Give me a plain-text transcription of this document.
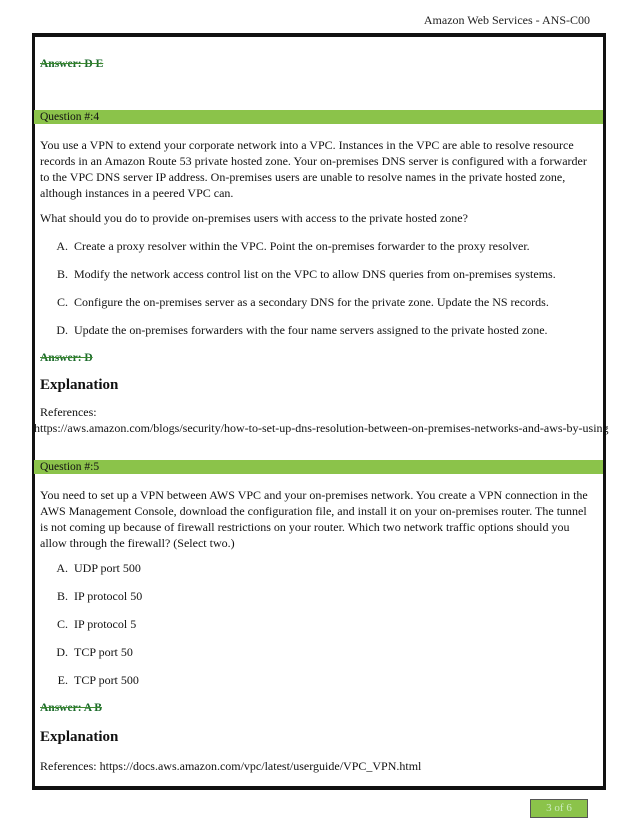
Amazon Web Services - ANS-C00
Answer: D E
Question #:4
You use a VPN to extend your corporate network into a VPC. Instances in the VPC are able to resolve resource records in an Amazon Route 53 private hosted zone. Your on-premises DNS server is configured with a forwarder to the VPC DNS server IP address. On-premises users are unable to resolve names in the private hosted zone, although instances in a peered VPC can.
What should you do to provide on-premises users with access to the private hosted zone?
A. Create a proxy resolver within the VPC. Point the on-premises forwarder to the proxy resolver.
B. Modify the network access control list on the VPC to allow DNS queries from on-premises systems.
C. Configure the on-premises server as a secondary DNS for the private zone. Update the NS records.
D. Update the on-premises forwarders with the four name servers assigned to the private hosted zone.
Answer: D
Explanation
References:
https://aws.amazon.com/blogs/security/how-to-set-up-dns-resolution-between-on-premises-networks-and-aws-by-using
Question #:5
You need to set up a VPN between AWS VPC and your on-premises network. You create a VPN connection in the AWS Management Console, download the configuration file, and install it on your on-premises router. The tunnel is not coming up because of firewall restrictions on your router. Which two network traffic options should you allow through the firewall? (Select two.)
A. UDP port 500
B. IP protocol 50
C. IP protocol 5
D. TCP port 50
E. TCP port 500
Answer: A B
Explanation
References: https://docs.aws.amazon.com/vpc/latest/userguide/VPC_VPN.html
3 of 6
